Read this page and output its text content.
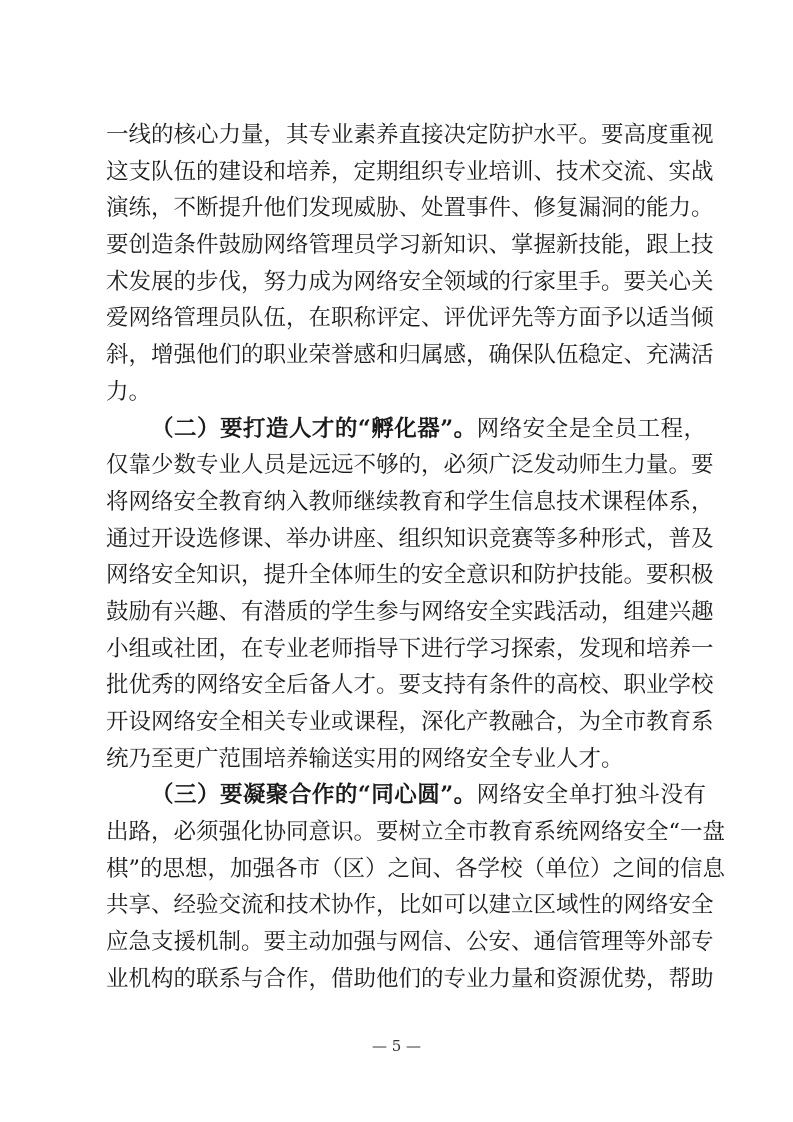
一线的核心力量，其专业素养直接决定防护水平。要高度重视
这支队伍的建设和培养，定期组织专业培训、技术交流、实战
演练，不断提升他们发现威胁、处置事件、修复漏洞的能力。
要创造条件鼓励网络管理员学习新知识、掌握新技能，跟上技
术发展的步伐，努力成为网络安全领域的行家里手。要关心关
爱网络管理员队伍，在职称评定、评优评先等方面予以适当倾
斜，增强他们的职业荣誉感和归属感，确保队伍稳定、充满活
力。
（二）要打造人才的“孵化器”。网络安全是全员工程，
仅靠少数专业人员是远远不够的，必须广泛发动师生力量。要
将网络安全教育纳入教师继续教育和学生信息技术课程体系，
通过开设选修课、举办讲座、组织知识竞赛等多种形式，普及
网络安全知识，提升全体师生的安全意识和防护技能。要积极
鼓励有兴趣、有潜质的学生参与网络安全实践活动，组建兴趣
小组或社团，在专业老师指导下进行学习探索，发现和培养一
批优秀的网络安全后备人才。要支持有条件的高校、职业学校
开设网络安全相关专业或课程，深化产教融合，为全市教育系
统乃至更广范围培养输送实用的网络安全专业人才。
（三）要凝聚合作的“同心圆”。网络安全单打独斗没有
出路，必须强化协同意识。要树立全市教育系统网络安全“一盘
棋”的思想，加强各市（区）之间、各学校（单位）之间的信息
共享、经验交流和技术协作，比如可以建立区域性的网络安全
应急支援机制。要主动加强与网信、公安、通信管理等外部专
业机构的联系与合作，借助他们的专业力量和资源优势，帮助
— 5 —
